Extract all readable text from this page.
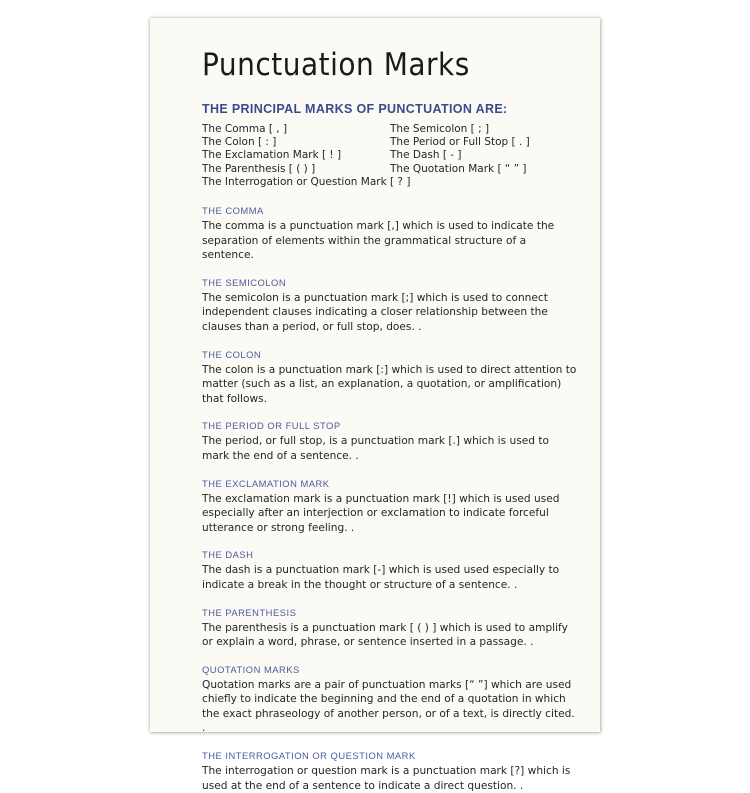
Punctuation Marks
THE PRINCIPAL MARKS OF PUNCTUATION ARE:
The Comma [ , ]	The Semicolon [ ; ]
The Colon [ : ]	The Period or Full Stop [ . ]
The Exclamation Mark [ ! ]	The Dash [ - ]
The Parenthesis [ ( ) ]	The Quotation Mark [ “ ” ]
The Interrogation or Question Mark [ ? ]
THE COMMA

The comma is a punctuation mark [,] which is used to indicate the separation of elements within the grammatical structure of a sentence.

THE SEMICOLON

The semicolon is a punctuation mark [;] which is used to connect independent clauses indicating a closer relationship between the clauses than a period, or full stop, does. .

THE COLON

The colon is a punctuation mark [:] which is used to direct attention to matter (such as a list, an explanation, a quotation, or amplification) that follows.

THE PERIOD OR FULL STOP

The period, or full stop, is a punctuation mark [.] which is used to mark the end of a sentence. .

THE EXCLAMATION MARK

The exclamation mark is a punctuation mark [!] which is used used especially after an interjection or exclamation to indicate forceful utterance or strong feeling. .

THE DASH

The dash is a punctuation mark [-] which is used used especially to indicate a break in the thought or structure of a sentence. .

THE PARENTHESIS

The parenthesis is a punctuation mark [ ( ) ] which is used to amplify or explain a word, phrase, or sentence inserted in a passage. .

QUOTATION MARKS

Quotation marks are a pair of punctuation marks [“ ”] which are used chiefly to indicate the beginning and the end of a quotation in which the exact phraseology of another person, or of a text, is directly cited. .

THE INTERROGATION OR QUESTION MARK

The interrogation or question mark is a punctuation mark [?] which is used at the end of a sentence to indicate a direct question. .
